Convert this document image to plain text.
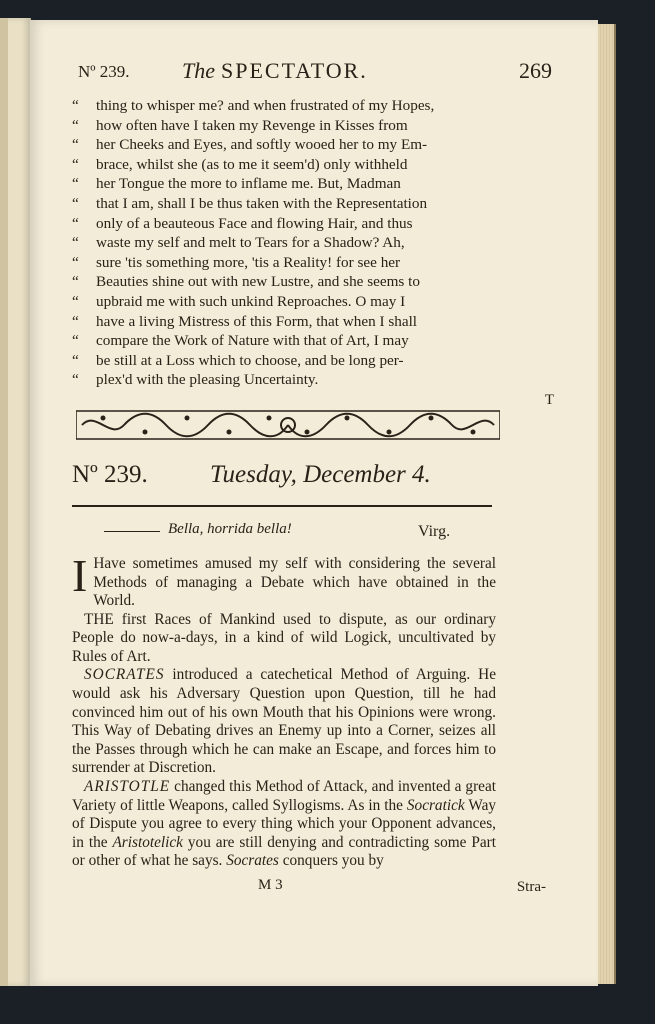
Nº 239. The SPECTATOR.	269
“ thing to whisper me? and when frustrated of my Hopes,
“ how often have I taken my Revenge in Kisses from
“ her Cheeks and Eyes, and softly wooed her to my Em-
“ brace, whilst she (as to me it seem'd) only withheld
“ her Tongue the more to inflame me. But, Madman
“ that I am, shall I be thus taken with the Representation
“ only of a beauteous Face and flowing Hair, and thus
“ waste my self and melt to Tears for a Shadow? Ah,
“ sure 'tis something more, 'tis a Reality! for see her
“ Beauties shine out with new Lustre, and she seems to
“ upbraid me with such unkind Reproaches. O may I
“ have a living Mistress of this Form, that when I shall
“ compare the Work of Nature with that of Art, I may
“ be still at a Loss which to choose, and be long per-
“ plex'd with the pleasing Uncertainty.
T
Nº 239. Tuesday, December 4.
Bella, horrida bella!	Virg.

I Have sometimes amused my self with considering the several Methods of managing a Debate which have obtained in the World.

THE first Races of Mankind used to dispute, as our ordinary People do now-a-days, in a kind of wild Logick, uncultivated by Rules of Art.

SOCRATES introduced a catechetical Method of Arguing. He would ask his Adversary Question upon Question, till he had convinced him out of his own Mouth that his Opinions were wrong. This Way of Debating drives an Enemy up into a Corner, seizes all the Passes through which he can make an Escape, and forces him to surrender at Discretion.

ARISTOTLE changed this Method of Attack, and invented a great Variety of little Weapons, called Syllogisms. As in the Socratick Way of Dispute you agree to every thing which your Opponent advances, in the Aristotelick you are still denying and contradicting some Part or other of what he says. Socrates conquers you by

M 3	Stra-
